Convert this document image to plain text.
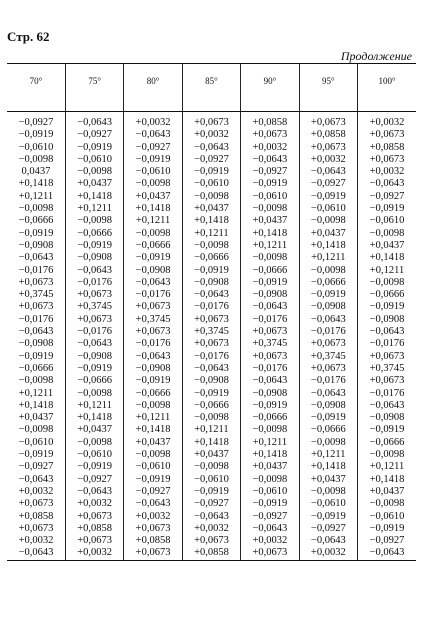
Стр. 62
Продолжение
70°	75°	80°	85°	90°	95°	100°
−0,0927	−0,0643	+0,0032	+0,0673	+0,0858	+0,0673	+0,0032
−0,0919	−0,0927	−0,0643	+0,0032	+0,0673	+0,0858	+0,0673
−0,0610	−0,0919	−0,0927	−0,0643	+0,0032	+0,0673	+0,0858
−0,0098	−0,0610	−0,0919	−0,0927	−0,0643	+0,0032	+0,0673
0,0437	−0,0098	−0,0610	−0,0919	−0,0927	−0,0643	+0,0032
+0,1418	+0,0437	−0,0098	−0,0610	−0,0919	−0,0927	−0,0643
+0,1211	+0,1418	+0,0437	−0,0098	−0,0610	−0,0919	−0,0927
−0,0098	+0,1211	+0,1418	+0,0437	−0,0098	−0,0610	−0,0919
−0,0666	−0,0098	+0,1211	+0,1418	+0,0437	−0,0098	−0,0610
−0,0919	−0,0666	−0,0098	+0,1211	+0,1418	+0,0437	−0,0098
−0,0908	−0,0919	−0,0666	−0,0098	+0,1211	+0,1418	+0,0437
−0,0643	−0,0908	−0,0919	−0,0666	−0,0098	+0,1211	+0,1418
−0,0176	−0,0643	−0,0908	−0,0919	−0,0666	−0,0098	+0,1211
+0,0673	−0,0176	−0,0643	−0,0908	−0,0919	−0,0666	−0,0098
+0,3745	+0,0673	−0,0176	−0,0643	−0,0908	−0,0919	−0,0666
+0,0673	+0,3745	+0,0673	−0,0176	−0,0643	−0,0908	−0,0919
−0,0176	+0,0673	+0,3745	+0,0673	−0,0176	−0,0643	−0,0908
−0,0643	−0,0176	+0,0673	+0,3745	+0,0673	−0,0176	−0,0643
−0,0908	−0,0643	−0,0176	+0,0673	+0,3745	+0,0673	−0,0176
−0,0919	−0,0908	−0,0643	−0,0176	+0,0673	+0,3745	+0,0673
−0,0666	−0,0919	−0,0908	−0,0643	−0,0176	+0,0673	+0,3745
−0,0098	−0,0666	−0,0919	−0,0908	−0,0643	−0,0176	+0,0673
+0,1211	−0,0098	−0,0666	−0,0919	−0,0908	−0,0643	−0,0176
+0,1418	+0,1211	−0,0098	−0,0666	−0,0919	−0,0908	−0,0643
+0,0437	+0,1418	+0,1211	−0,0098	−0,0666	−0,0919	−0,0908
−0,0098	+0,0437	+0,1418	+0,1211	−0,0098	−0,0666	−0,0919
−0,0610	−0,0098	+0,0437	+0,1418	+0,1211	−0,0098	−0,0666
−0,0919	−0,0610	−0,0098	+0,0437	+0,1418	+0,1211	−0,0098
−0,0927	−0,0919	−0,0610	−0,0098	+0,0437	+0,1418	+0,1211
−0,0643	−0,0927	−0,0919	−0,0610	−0,0098	+0,0437	+0,1418
+0,0032	−0,0643	−0,0927	−0,0919	−0,0610	−0,0098	+0,0437
+0,0673	+0,0032	−0,0643	−0,0927	−0,0919	−0,0610	−0,0098
+0,0858	+0,0673	+0,0032	−0,0643	−0,0927	−0,0919	−0,0610
+0,0673	+0,0858	+0,0673	+0,0032	−0,0643	−0,0927	−0,0919
+0,0032	+0,0673	+0,0858	+0,0673	+0,0032	−0,0643	−0,0927
−0,0643	+0,0032	+0,0673	+0,0858	+0,0673	+0,0032	−0,0643
